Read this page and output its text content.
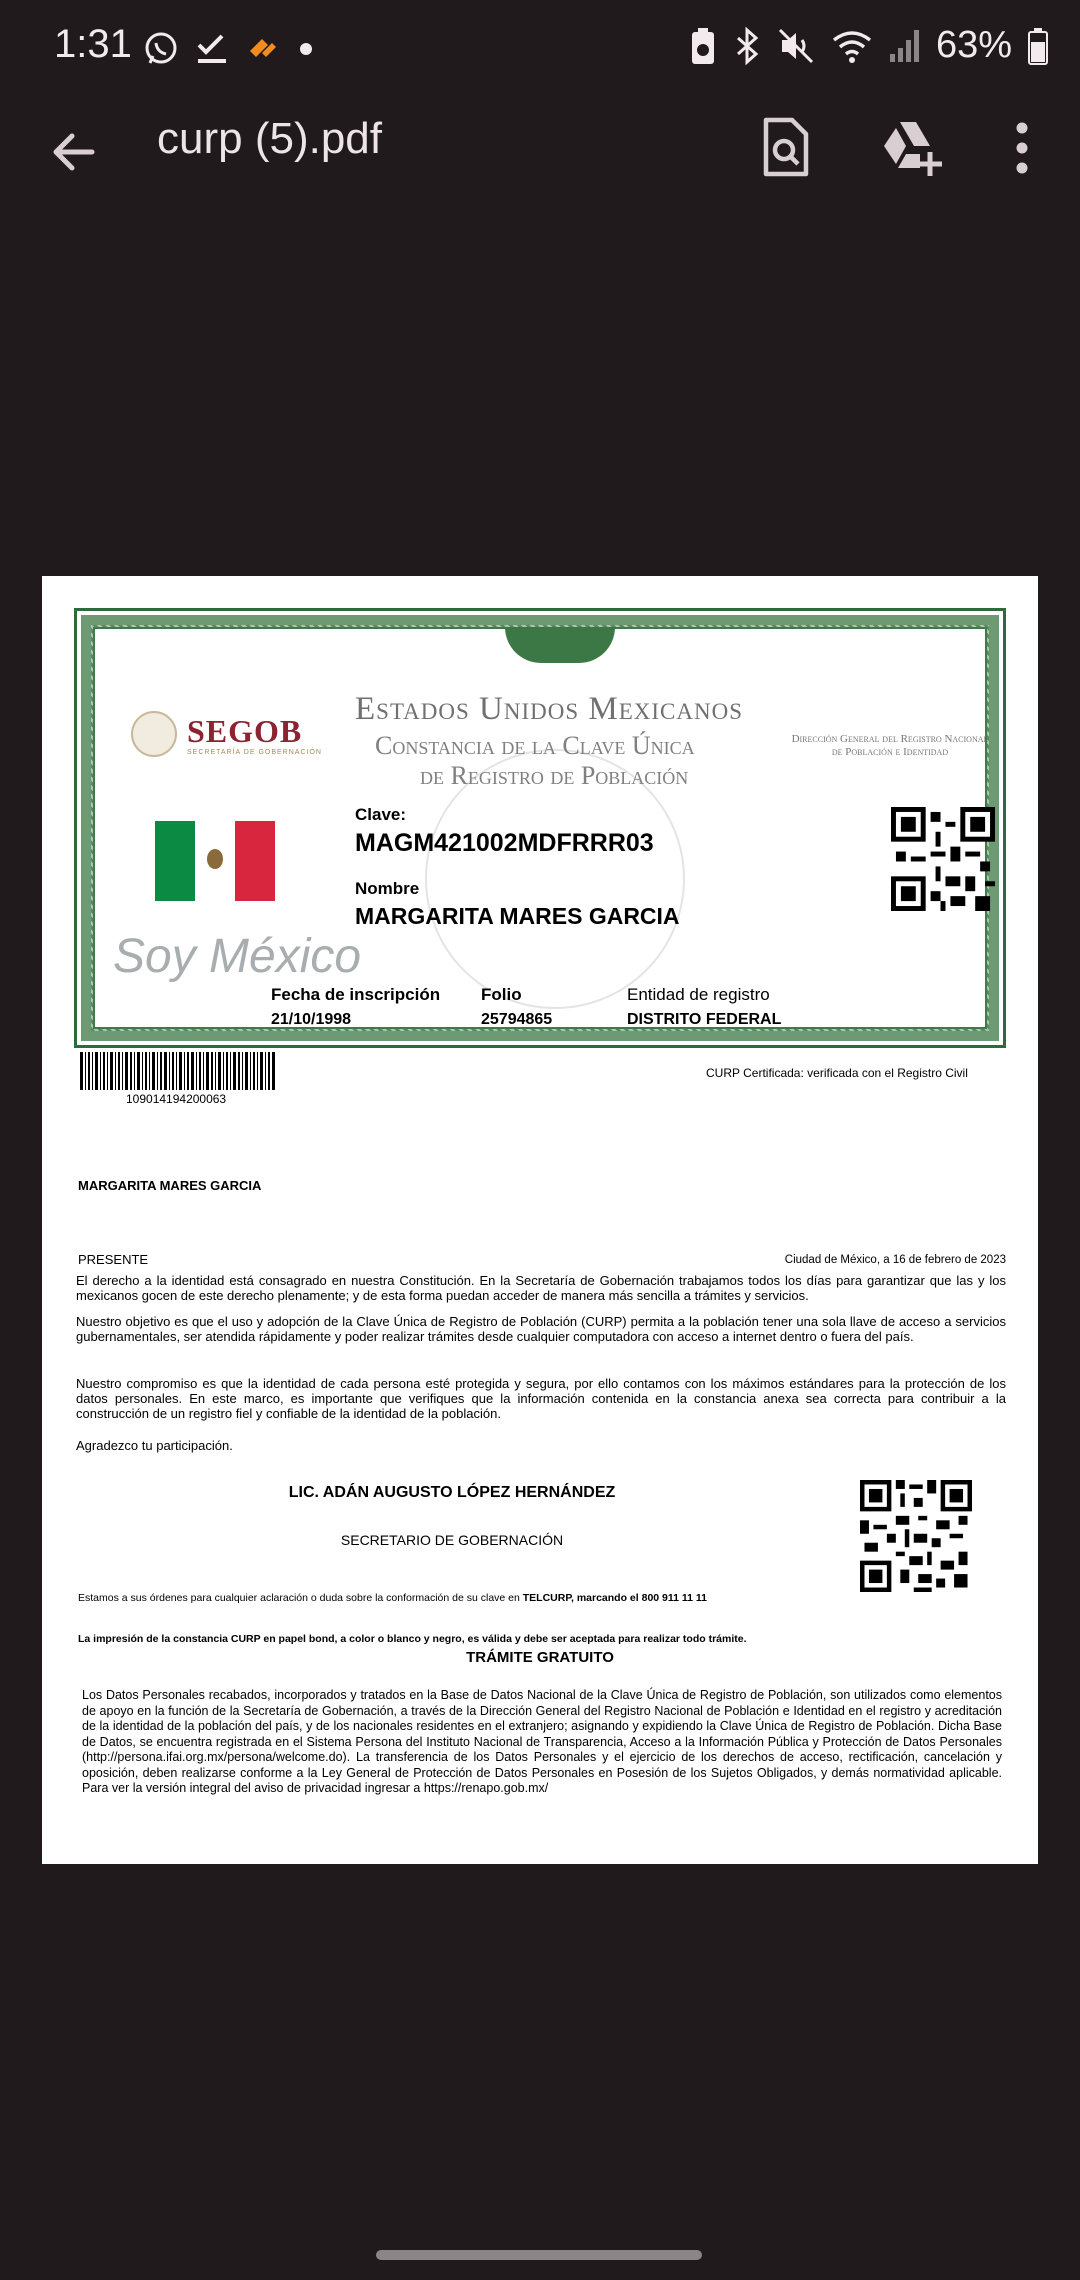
1:31	63%
curp (5).pdf
SEGOB
SECRETARÍA DE GOBERNACIÓN
Soy México
Estados Unidos Mexicanos
Constancia de la Clave Única
de Registro de Población
Dirección General del Registro Nacional de Población e Identidad
Clave:
MAGM421002MDFRRR03
Nombre
MARGARITA MARES GARCIA
Fecha de inscripción
21/10/1998
Folio
25794865
Entidad de registro
DISTRITO FEDERAL
109014194200063
CURP Certificada: verificada con el Registro Civil
MARGARITA MARES GARCIA
PRESENTE	Ciudad de México, a 16 de febrero de 2023

El derecho a la identidad está consagrado en nuestra Constitución. En la Secretaría de Gobernación trabajamos todos los días para garantizar que las y los mexicanos gocen de este derecho plenamente; y de esta forma puedan acceder de manera más sencilla a trámites y servicios.

Nuestro objetivo es que el uso y adopción de la Clave Única de Registro de Población (CURP) permita a la población tener una sola llave de acceso a servicios gubernamentales, ser atendida rápidamente y poder realizar trámites desde cualquier computadora con acceso a internet dentro o fuera del país.

Nuestro compromiso es que la identidad de cada persona esté protegida y segura, por ello contamos con los máximos estándares para la protección de los datos personales. En este marco, es importante que verifiques que la información contenida en la constancia anexa sea correcta para contribuir a la construcción de un registro fiel y confiable de la identidad de la población.

Agradezco tu participación.

LIC. ADÁN AUGUSTO LÓPEZ HERNÁNDEZ
SECRETARIO DE GOBERNACIÓN

Estamos a sus órdenes para cualquier aclaración o duda sobre la conformación de su clave en TELCURP, marcando el 800 911 11 11

La impresión de la constancia CURP en papel bond, a color o blanco y negro, es válida y debe ser aceptada para realizar todo trámite.

TRÁMITE GRATUITO

Los Datos Personales recabados, incorporados y tratados en la Base de Datos Nacional de la Clave Única de Registro de Población, son utilizados como elementos de apoyo en la función de la Secretaría de Gobernación, a través de la Dirección General del Registro Nacional de Población e Identidad en el registro y acreditación de la identidad de la población del país, y de los nacionales residentes en el extranjero; asignando y expidiendo la Clave Única de Registro de Población. Dicha Base de Datos, se encuentra registrada en el Sistema Persona del Instituto Nacional de Transparencia, Acceso a la Información Pública y Protección de Datos Personales (http://persona.ifai.org.mx/persona/welcome.do). La transferencia de los Datos Personales y el ejercicio de los derechos de acceso, rectificación, cancelación y oposición, deben realizarse conforme a la Ley General de Protección de Datos Personales en Posesión de los Sujetos Obligados, y demás normatividad aplicable. Para ver la versión integral del aviso de privacidad ingresar a https://renapo.gob.mx/
